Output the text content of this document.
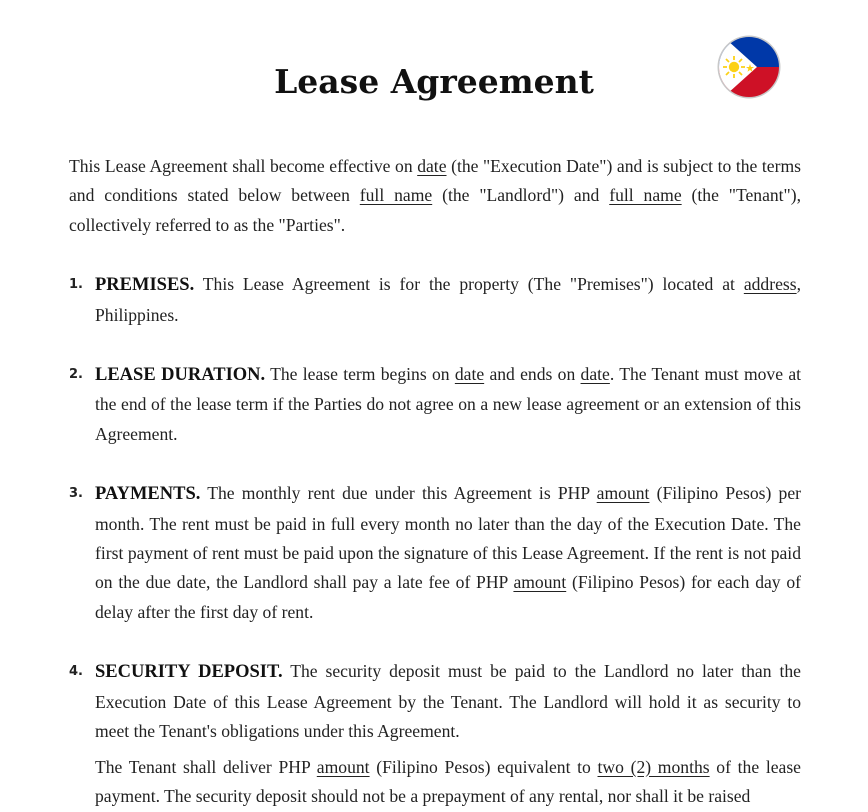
Lease Agreement

This Lease Agreement shall become effective on date (the "Execution Date") and is subject to the terms and conditions stated below between full name (the "Landlord") and full name (the "Tenant"), collectively referred to as the "Parties".

1. PREMISES. This Lease Agreement is for the property (The "Premises") located at address, Philippines.

2. LEASE DURATION. The lease term begins on date and ends on date. The Tenant must move at the end of the lease term if the Parties do not agree on a new lease agreement or an extension of this Agreement.

3. PAYMENTS. The monthly rent due under this Agreement is PHP amount (Filipino Pesos) per month. The rent must be paid in full every month no later than the day of the Execution Date. The first payment of rent must be paid upon the signature of this Lease Agreement. If the rent is not paid on the due date, the Landlord shall pay a late fee of PHP amount (Filipino Pesos) for each day of delay after the first day of rent.

4. SECURITY DEPOSIT. The security deposit must be paid to the Landlord no later than the Execution Date of this Lease Agreement by the Tenant. The Landlord will hold it as security to meet the Tenant's obligations under this Agreement.

The Tenant shall deliver PHP amount (Filipino Pesos) equivalent to two (2) months of the lease payment. The security deposit should not be a prepayment of any rental, nor shall it be raised
